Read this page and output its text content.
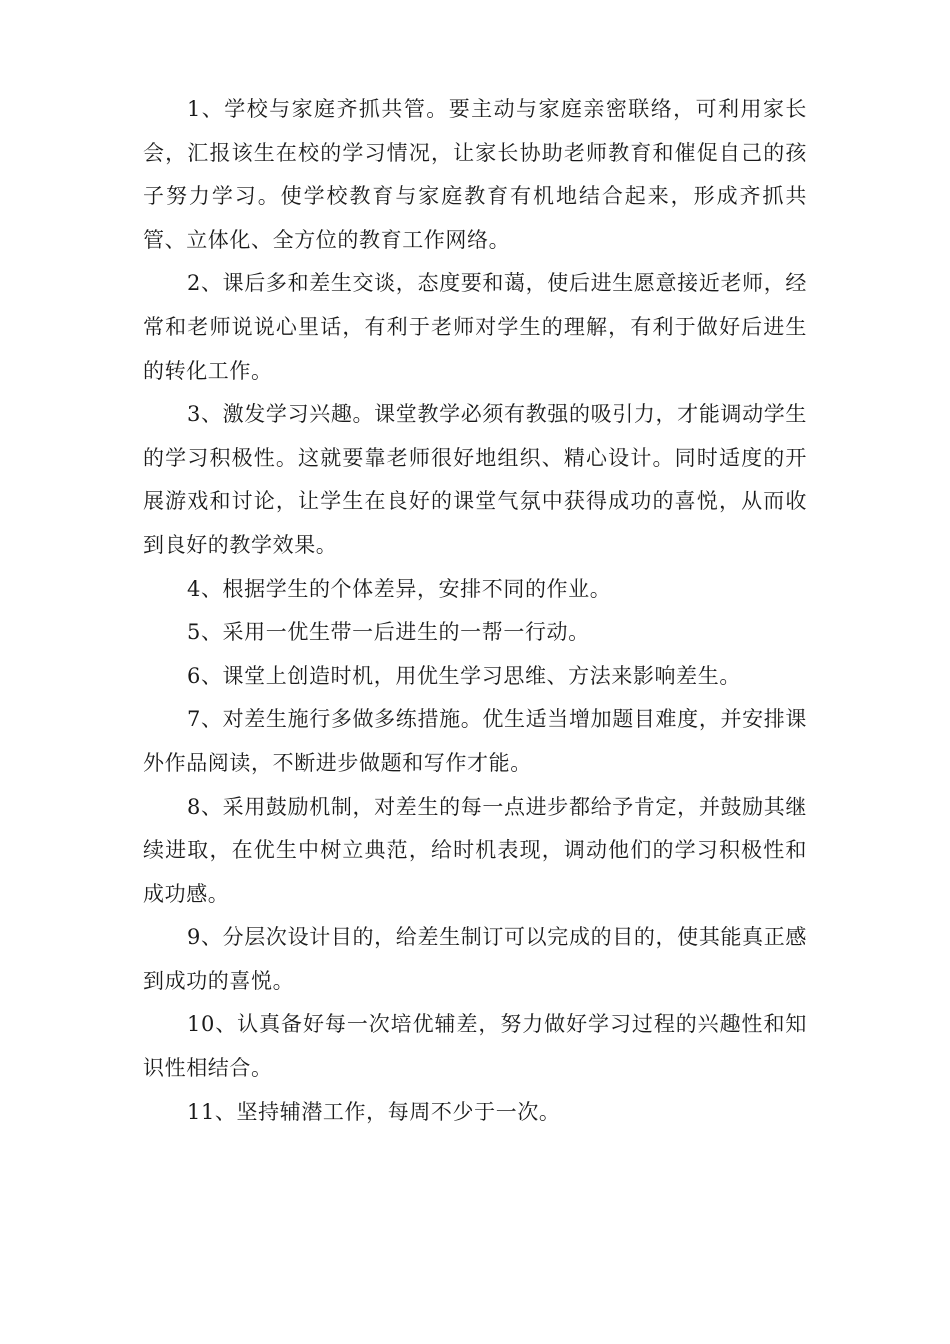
1、学校与家庭齐抓共管。要主动与家庭亲密联络，可利用家长会，汇报该生在校的学习情况，让家长协助老师教育和催促自己的孩子努力学习。使学校教育与家庭教育有机地结合起来，形成齐抓共管、立体化、全方位的教育工作网络。

2、课后多和差生交谈，态度要和蔼，使后进生愿意接近老师，经常和老师说说心里话，有利于老师对学生的理解，有利于做好后进生的转化工作。

3、激发学习兴趣。课堂教学必须有教强的吸引力，才能调动学生的学习积极性。这就要靠老师很好地组织、精心设计。同时适度的开展游戏和讨论，让学生在良好的课堂气氛中获得成功的喜悦，从而收到良好的教学效果。

4、根据学生的个体差异，安排不同的作业。

5、采用一优生带一后进生的一帮一行动。

6、课堂上创造时机，用优生学习思维、方法来影响差生。

7、对差生施行多做多练措施。优生适当增加题目难度，并安排课外作品阅读，不断进步做题和写作才能。

8、采用鼓励机制，对差生的每一点进步都给予肯定，并鼓励其继续进取，在优生中树立典范，给时机表现，调动他们的学习积极性和成功感。

9、分层次设计目的，给差生制订可以完成的目的，使其能真正感到成功的喜悦。

10、认真备好每一次培优辅差，努力做好学习过程的兴趣性和知识性相结合。

11、坚持辅潜工作，每周不少于一次。
